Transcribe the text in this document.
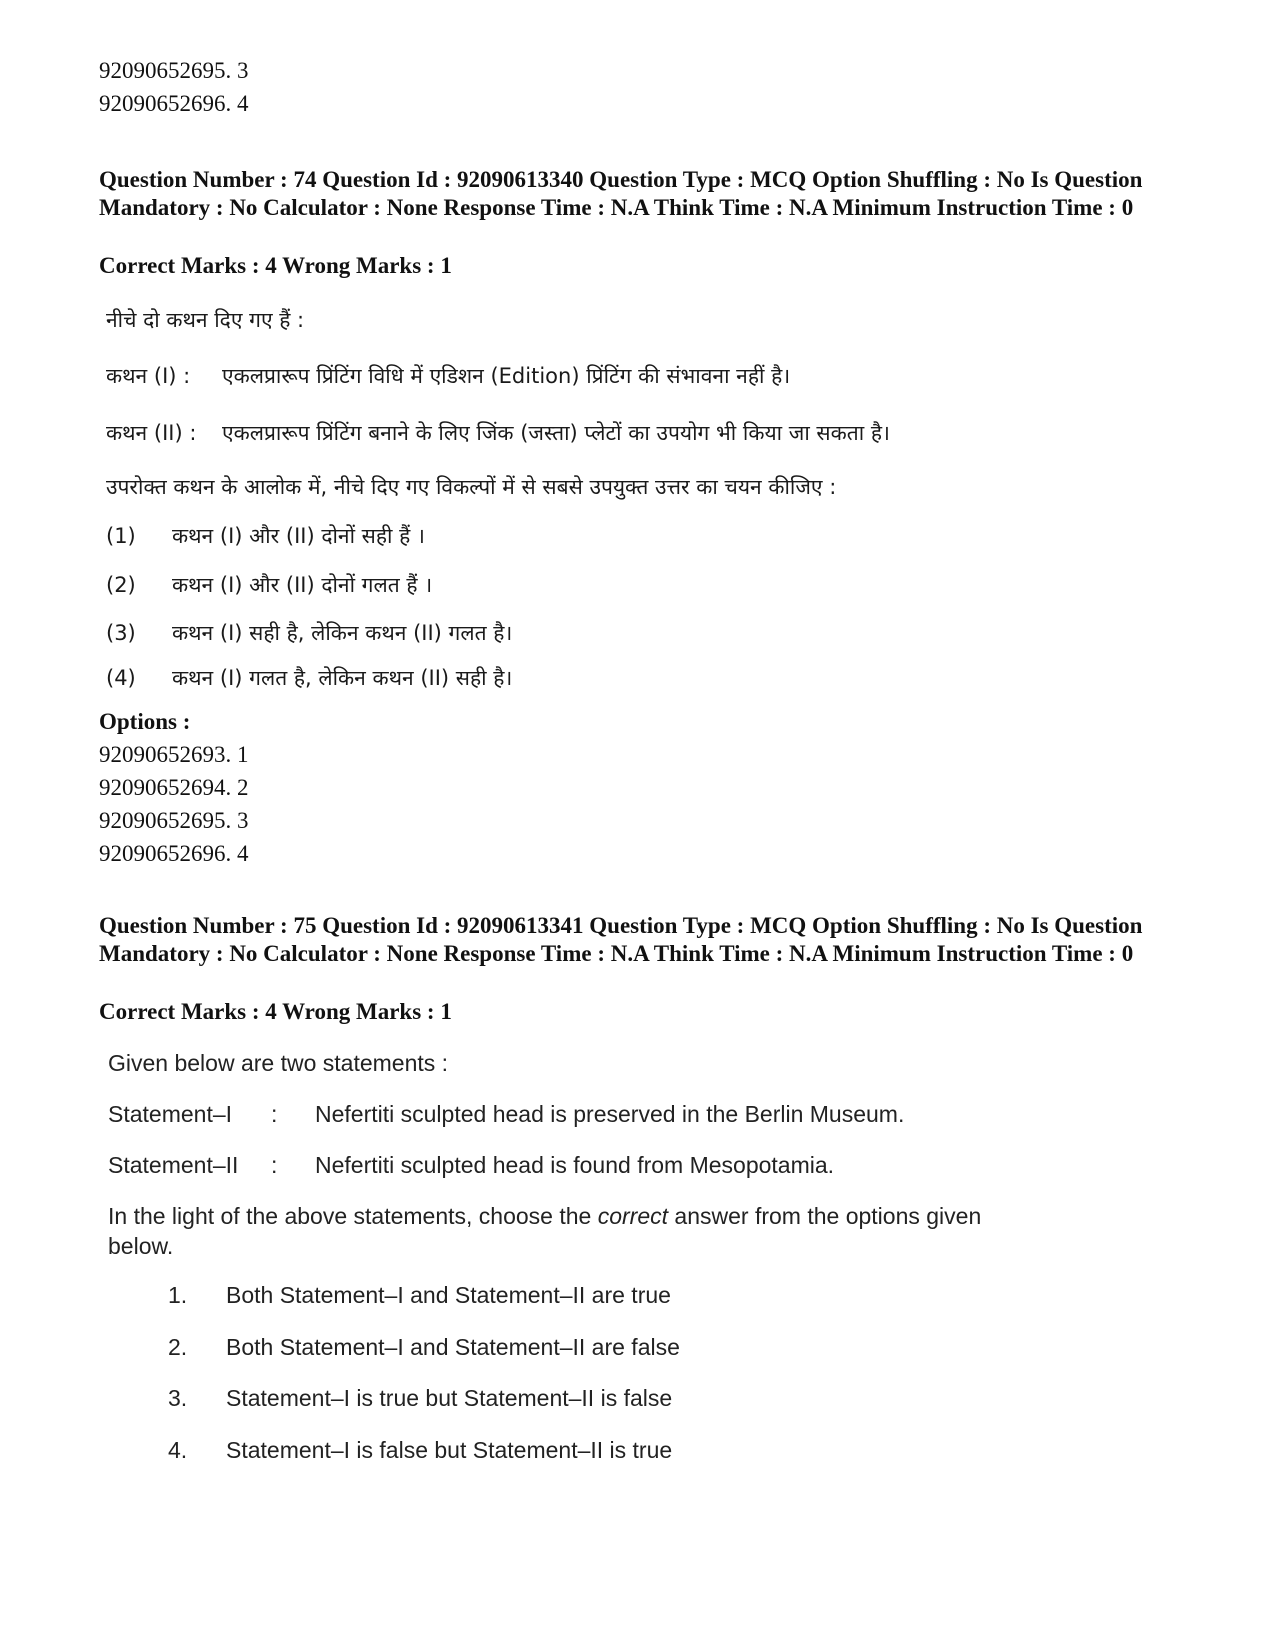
92090652695. 3
92090652696. 4
Question Number : 74 Question Id : 92090613340 Question Type : MCQ Option Shuffling : No Is Question Mandatory : No Calculator : None Response Time : N.A Think Time : N.A Minimum Instruction Time : 0
Correct Marks : 4 Wrong Marks : 1
नीचे दो कथन दिए गए हैं :
कथन (I) : एकलप्रारूप प्रिंटिंग विधि में एडिशन (Edition) प्रिंटिंग की संभावना नहीं है।
कथन (II) : एकलप्रारूप प्रिंटिंग बनाने के लिए जिंक (जस्ता) प्लेटों का उपयोग भी किया जा सकता है।
उपरोक्त कथन के आलोक में, नीचे दिए गए विकल्पों में से सबसे उपयुक्त उत्तर का चयन कीजिए :
(1) कथन (I) और (II) दोनों सही हैं ।
(2) कथन (I) और (II) दोनों गलत हैं ।
(3) कथन (I) सही है, लेकिन कथन (II) गलत है।
(4) कथन (I) गलत है, लेकिन कथन (II) सही है।
Options :
92090652693. 1
92090652694. 2
92090652695. 3
92090652696. 4
Question Number : 75 Question Id : 92090613341 Question Type : MCQ Option Shuffling : No Is Question Mandatory : No Calculator : None Response Time : N.A Think Time : N.A Minimum Instruction Time : 0
Correct Marks : 4 Wrong Marks : 1
Given below are two statements :
Statement–I : Nefertiti sculpted head is preserved in the Berlin Museum.
Statement–II : Nefertiti sculpted head is found from Mesopotamia.
In the light of the above statements, choose the correct answer from the options given below.
1. Both Statement–I and Statement–II are true
2. Both Statement–I and Statement–II are false
3. Statement–I is true but Statement–II is false
4. Statement–I is false but Statement–II is true
